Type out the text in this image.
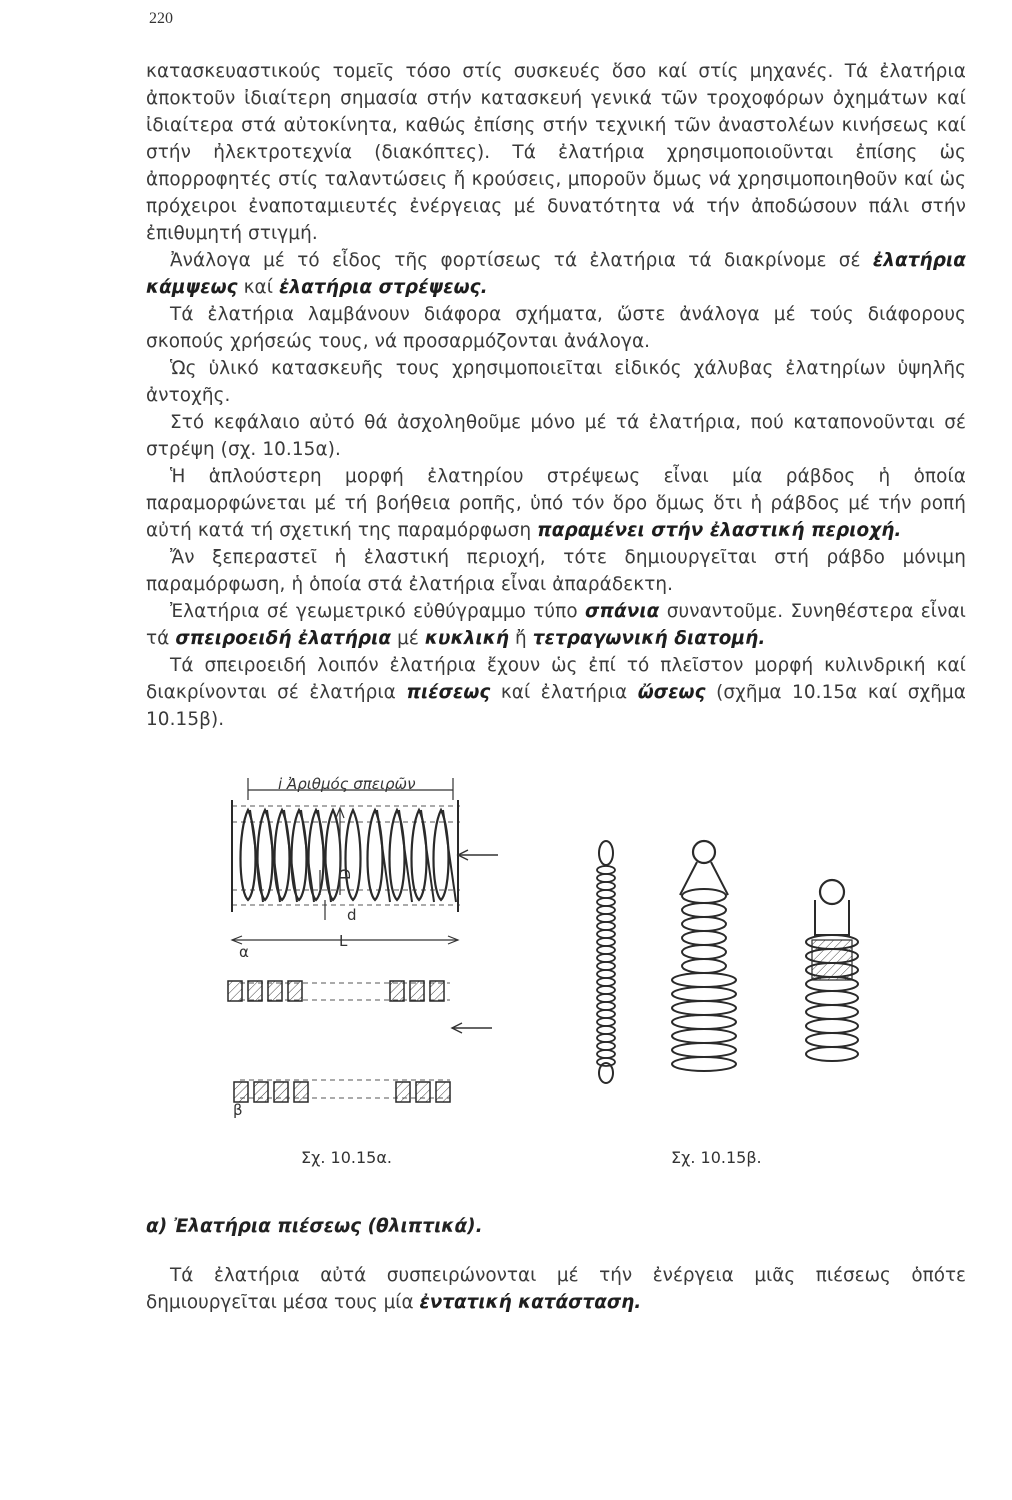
220

κατασκευαστικούς τομεῖς τόσο στίς συσκευές ὅσο καί στίς μηχανές. Τά ἐλατήρια ἀποκτοῦν ἰδιαίτερη σημασία στήν κατασκευή γενικά τῶν τροχοφόρων ὀχημάτων καί ἰδιαίτερα στά αὐτοκίνητα, καθώς ἐπίσης στήν τεχνική τῶν ἀναστολέων κινήσεως καί στήν ἠλεκτροτεχνία (διακόπτες). Τά ἐλατήρια χρησιμοποιοῦνται ἐπίσης ὡς ἀπορροφητές στίς ταλαντώσεις ἤ κρούσεις, μποροῦν ὅμως νά χρησιμοποιηθοῦν καί ὡς πρόχειροι ἐναποταμιευτές ἐνέργειας μέ δυνατότητα νά τήν ἀποδώσουν πάλι στήν ἐπιθυμητή στιγμή.

Ἀνάλογα μέ τό εἶδος τῆς φορτίσεως τά ἐλατήρια τά διακρίνομε σέ ἐλατήρια κάμψεως καί ἐλατήρια στρέψεως.

Τά ἐλατήρια λαμβάνουν διάφορα σχήματα, ὥστε ἀνάλογα μέ τούς διάφορους σκοπούς χρήσεώς τους, νά προσαρμόζονται ἀνάλογα.

Ὡς ὑλικό κατασκευῆς τους χρησιμοποιεῖται εἰδικός χάλυβας ἐλατηρίων ὑψηλῆς ἀντοχῆς.

Στό κεφάλαιο αὐτό θά ἀσχοληθοῦμε μόνο μέ τά ἐλατήρια, πού καταπονοῦνται σέ στρέψη (σχ. 10.15α).

Ἡ ἁπλούστερη μορφή ἐλατηρίου στρέψεως εἶναι μία ράβδος ἡ ὁποία παραμορφώνεται μέ τή βοήθεια ροπῆς, ὑπό τόν ὅρο ὅμως ὅτι ἡ ράβδος μέ τήν ροπή αὐτή κατά τή σχετική της παραμόρφωση παραμένει στήν ἐλαστική περιοχή.

Ἄν ξεπεραστεῖ ἡ ἐλαστική περιοχή, τότε δημιουργεῖται στή ράβδο μόνιμη παραμόρφωση, ἡ ὁποία στά ἐλατήρια εἶναι ἀπαράδεκτη.

Ἐλατήρια σέ γεωμετρικό εὐθύγραμμο τύπο σπάνια συναντοῦμε. Συνηθέστερα εἶναι τά σπειροειδή ἐλατήρια μέ κυκλική ἤ τετραγωνική διατομή.

Τά σπειροειδή λοιπόν ἐλατήρια ἔχουν ὡς ἐπί τό πλεῖστον μορφή κυλινδρική καί διακρίνονται σέ ἐλατήρια πιέσεως καί ἐλατήρια ὤσεως (σχῆμα 10.15α καί σχῆμα 10.15β).

i Ἀριθμός σπειρῶν
D
d
L
α
β
Σχ. 10.15α.	Σχ. 10.15β.
α) Ἐλατήρια πιέσεως (θλιπτικά).

Τά ἐλατήρια αὐτά συσπειρώνονται μέ τήν ἐνέργεια μιᾶς πιέσεως ὁπότε δημιουργεῖται μέσα τους μία ἐντατική κατάσταση.
